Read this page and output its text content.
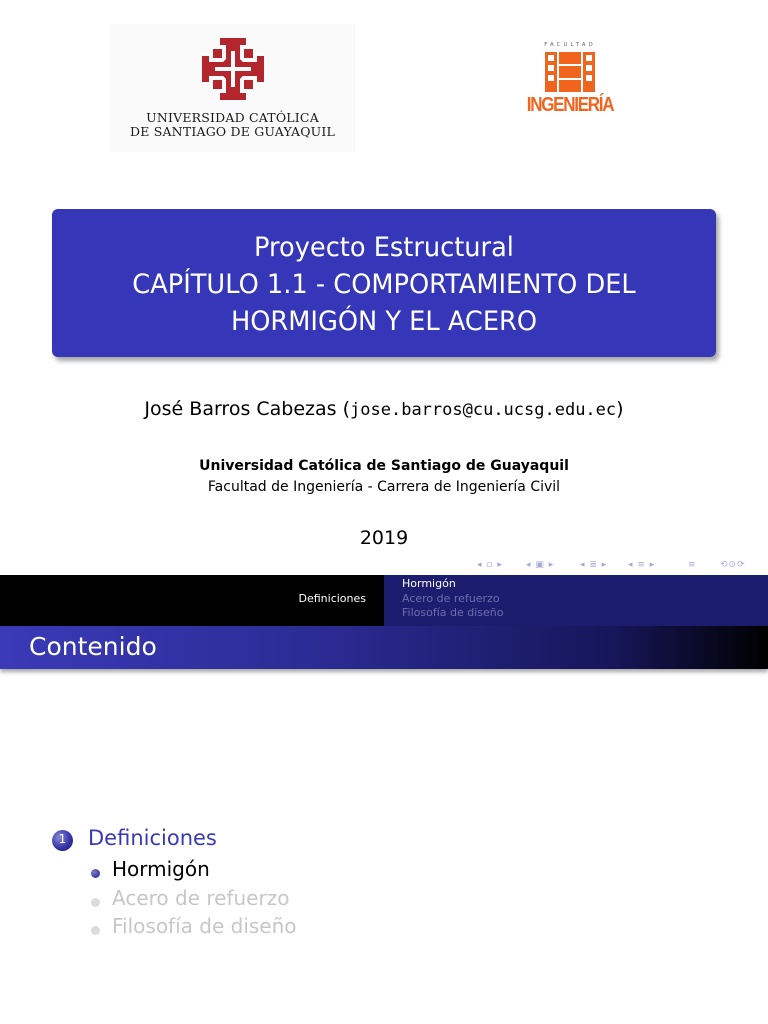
UNIVERSIDAD CATÓLICA
DE SANTIAGO DE GUAYAQUIL
FACULTAD
INGENIERÍA
Proyecto Estructural
CAPÍTULO 1.1 - COMPORTAMIENTO DEL
HORMIGÓN Y EL ACERO
José Barros Cabezas (jose.barros@cu.ucsg.edu.ec)
Universidad Católica de Santiago de Guayaquil
Facultad de Ingeniería - Carrera de Ingeniería Civil
2019
◂ ▫ ▸	◂ ▣ ▸	◂ ≣ ▸ ◂ ≡ ▸	≡	⟲⊙⟳
Definiciones
Hormigón
Acero de refuerzo
Filosofía de diseño
Contenido
1	Definiciones
Hormigón
Acero de refuerzo
Filosofía de diseño
